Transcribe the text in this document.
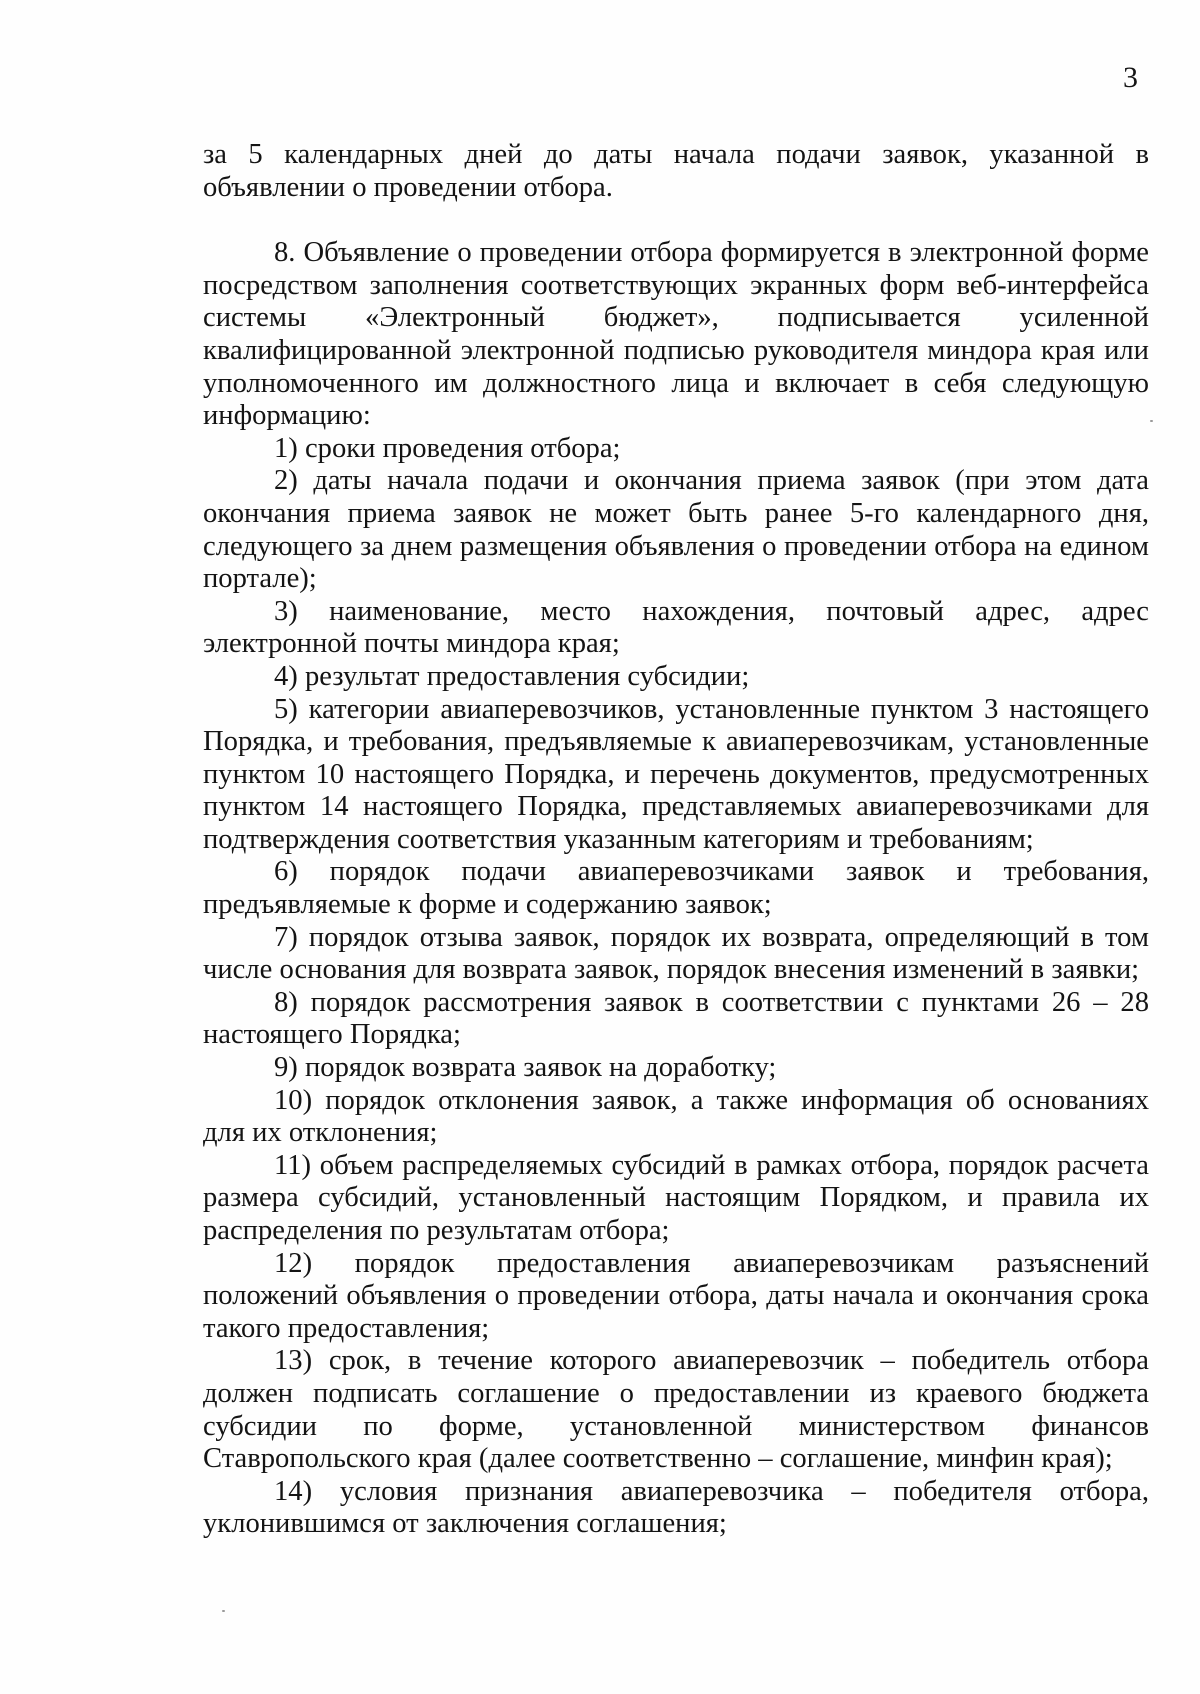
3

за 5 календарных дней до даты начала подачи заявок, указанной в объявлении о проведении отбора.

8. Объявление о проведении отбора формируется в электронной форме посредством заполнения соответствующих экранных форм веб-интерфейса системы «Электронный бюджет», подписывается усиленной квалифицированной электронной подписью руководителя миндора края или уполномоченного им должностного лица и включает в себя следующую информацию:

1) сроки проведения отбора;

2) даты начала подачи и окончания приема заявок (при этом дата окончания приема заявок не может быть ранее 5-го календарного дня, следующего за днем размещения объявления о проведении отбора на едином портале);

3) наименование, место нахождения, почтовый адрес, адрес электронной почты миндора края;

4) результат предоставления субсидии;

5) категории авиаперевозчиков, установленные пунктом 3 настоящего Порядка, и требования, предъявляемые к авиаперевозчикам, установленные пунктом 10 настоящего Порядка, и перечень документов, предусмотренных пунктом 14 настоящего Порядка, представляемых авиаперевозчиками для подтверждения соответствия указанным категориям и требованиям;

6) порядок подачи авиаперевозчиками заявок и требования, предъявляемые к форме и содержанию заявок;

7) порядок отзыва заявок, порядок их возврата, определяющий в том числе основания для возврата заявок, порядок внесения изменений в заявки;

8) порядок рассмотрения заявок в соответствии с пунктами 26 – 28 настоящего Порядка;

9) порядок возврата заявок на доработку;

10) порядок отклонения заявок, а также информация об основаниях для их отклонения;

11) объем распределяемых субсидий в рамках отбора, порядок расчета размера субсидий, установленный настоящим Порядком, и правила их распределения по результатам отбора;

12) порядок предоставления авиаперевозчикам разъяснений положений объявления о проведении отбора, даты начала и окончания срока такого предоставления;

13) срок, в течение которого авиаперевозчик – победитель отбора должен подписать соглашение о предоставлении из краевого бюджета субсидии по форме, установленной министерством финансов Ставропольского края (далее соответственно – соглашение, минфин края);

14) условия признания авиаперевозчика – победителя отбора, уклонившимся от заключения соглашения;
